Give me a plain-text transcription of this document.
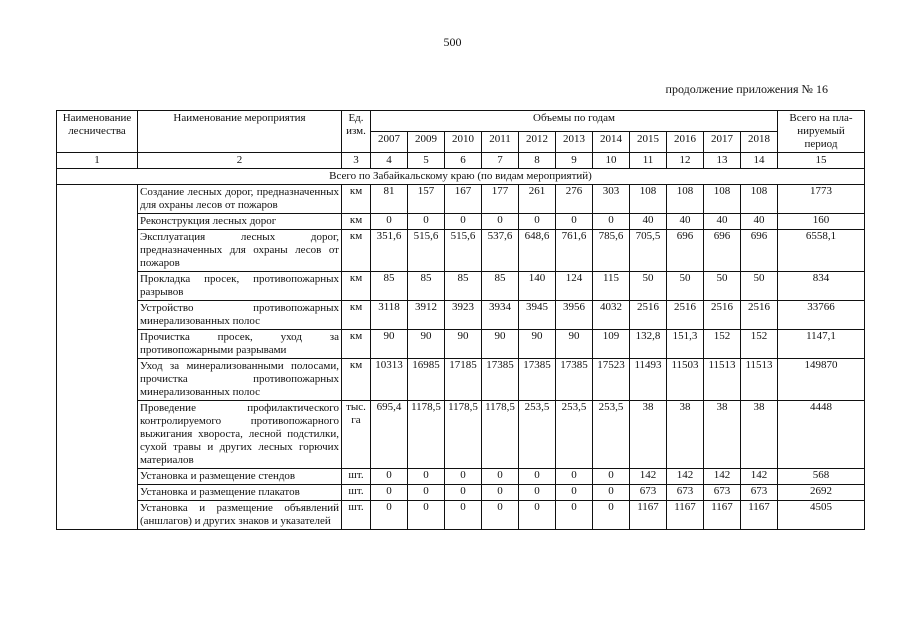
500
продолжение приложения № 16
Наименование лесничества	Наименование мероприятия	Ед. изм.	Объемы по годам											Всего на пла-нируемый период
			2007	2009	2010	2011	2012	2013	2014	2015	2016	2017	2018	
1	2	3	4	5	6	7	8	9	10	11	12	13	14	15
Всего по Забайкальскому краю (по видам мероприятий)														
	Создание лесных дорог, предназначенных для охраны лесов от пожаров	км	81	157	167	177	261	276	303	108	108	108	108	1773
	Реконструкция лесных дорог	км	0	0	0	0	0	0	0	40	40	40	40	160
	Эксплуатация лесных дорог, предназначенных для охраны лесов от пожаров	км	351,6	515,6	515,6	537,6	648,6	761,6	785,6	705,5	696	696	696	6558,1
	Прокладка просек, противопожарных разрывов	км	85	85	85	85	140	124	115	50	50	50	50	834
	Устройство противопожарных минерализованных полос	км	3118	3912	3923	3934	3945	3956	4032	2516	2516	2516	2516	33766
	Прочистка просек, уход за противопожарными разрывами	км	90	90	90	90	90	90	109	132,8	151,3	152	152	1147,1
	Уход за минерализованными полосами, прочистка противопожарных минерализованных полос	км	10313	16985	17185	17385	17385	17385	17523	11493	11503	11513	11513	149870
	Проведение профилактического контролируемого противопожарного выжигания хвороста, лесной подстилки, сухой травы и других лесных горючих материалов	тыс. га	695,4	1178,5	1178,5	1178,5	253,5	253,5	253,5	38	38	38	38	4448
	Установка и размещение стендов	шт.	0	0	0	0	0	0	0	142	142	142	142	568
	Установка и размещение плакатов	шт.	0	0	0	0	0	0	0	673	673	673	673	2692
	Установка и размещение объявлений (аншлагов) и других знаков и указателей	шт.	0	0	0	0	0	0	0	1167	1167	1167	1167	4505
